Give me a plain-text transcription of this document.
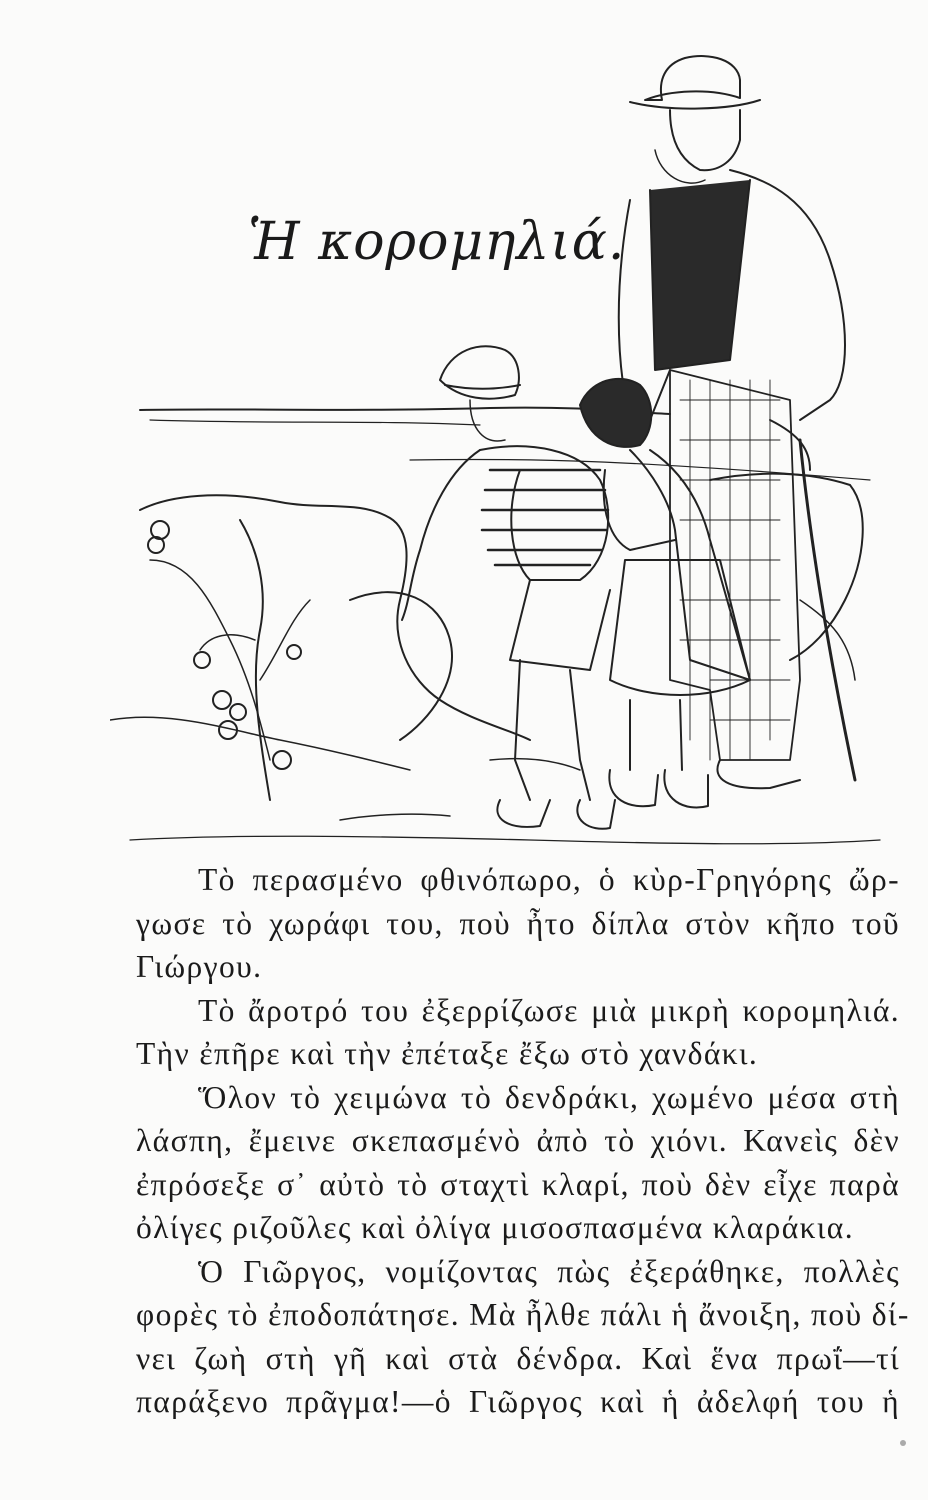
Ἡ κορομηλιά.
Τὸ περασμένο φθινόπωρο, ὁ κὺρ-Γρηγόρης ὤρ-
γωσε τὸ χωράφι του, ποὺ ἦτο δίπλα στὸν κῆπο τοῦ
Γιώργου.
Τὸ ἄροτρό του ἐξερρίζωσε μιὰ μικρὴ κορομηλιά.
Τὴν ἐπῆρε καὶ τὴν ἐπέταξε ἔξω στὸ χανδάκι.
Ὅλον τὸ χειμώνα τὸ δενδράκι, χωμένο μέσα στὴ
λάσπη, ἔμεινε σκεπασμένὸ ἀπὸ τὸ χιόνι. Κανεὶς δὲν
ἐπρόσεξε σ᾽ αὐτὸ τὸ σταχτὶ κλαρί, ποὺ δὲν εἶχε παρὰ
ὀλίγες ριζοῦλες καὶ ὀλίγα μισοσπασμένα κλαράκια.
Ὁ Γιῶργος, νομίζοντας πὼς ἐξεράθηκε, πολλὲς
φορὲς τὸ ἐποδοπάτησε. Μὰ ἦλθε πάλι ἡ ἄνοιξη, ποὺ δί-
νει ζωὴ στὴ γῆ καὶ στὰ δένδρα. Καὶ ἕνα πρωΐ—τί
παράξενο πρᾶγμα!—ὁ Γιῶργος καὶ ἡ ἀδελφή του ἡ
